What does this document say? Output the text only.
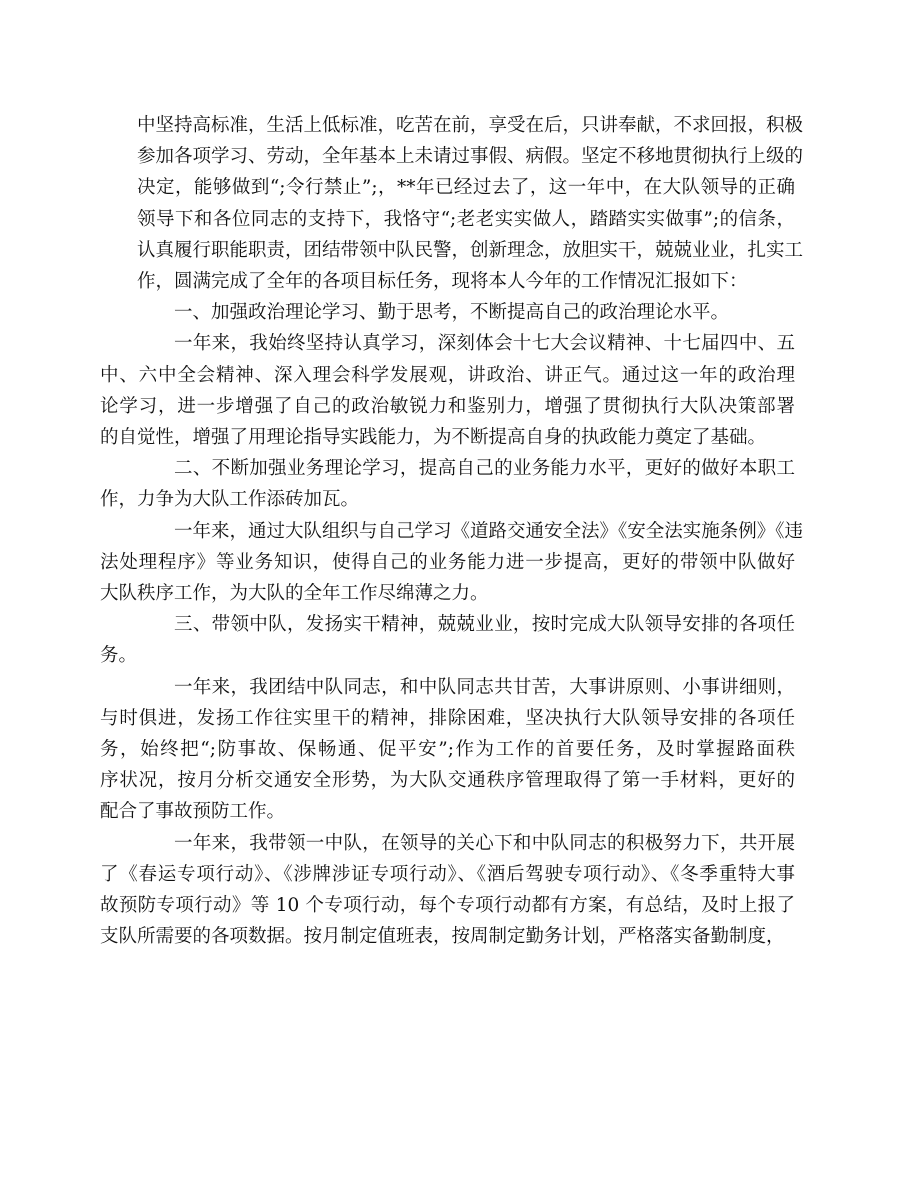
中坚持高标准，生活上低标准，吃苦在前，享受在后，只讲奉献，不求回报，积极
参加各项学习、劳动，全年基本上未请过事假、病假。坚定不移地贯彻执行上级的
决定，能够做到“;令行禁止”;，**年已经过去了，这一年中，在大队领导的正确
领导下和各位同志的支持下，我恪守“;老老实实做人，踏踏实实做事”;的信条，
认真履行职能职责，团结带领中队民警，创新理念，放胆实干，兢兢业业，扎实工
作，圆满完成了全年的各项目标任务，现将本人今年的工作情况汇报如下：
一、加强政治理论学习、勤于思考，不断提高自己的政治理论水平。
一年来，我始终坚持认真学习，深刻体会十七大会议精神、十七届四中、五
中、六中全会精神、深入理会科学发展观，讲政治、讲正气。通过这一年的政治理
论学习，进一步增强了自己的政治敏锐力和鉴别力，增强了贯彻执行大队决策部署
的自觉性，增强了用理论指导实践能力，为不断提高自身的执政能力奠定了基础。
二、不断加强业务理论学习，提高自己的业务能力水平，更好的做好本职工
作，力争为大队工作添砖加瓦。
一年来，通过大队组织与自己学习《道路交通安全法》《安全法实施条例》《违
法处理程序》等业务知识，使得自己的业务能力进一步提高，更好的带领中队做好
大队秩序工作，为大队的全年工作尽绵薄之力。
三、带领中队，发扬实干精神，兢兢业业，按时完成大队领导安排的各项任
务。
一年来，我团结中队同志，和中队同志共甘苦，大事讲原则、小事讲细则，
与时俱进，发扬工作往实里干的精神，排除困难，坚决执行大队领导安排的各项任
务，始终把“;防事故、保畅通、促平安”;作为工作的首要任务，及时掌握路面秩
序状况，按月分析交通安全形势，为大队交通秩序管理取得了第一手材料，更好的
配合了事故预防工作。
一年来，我带领一中队，在领导的关心下和中队同志的积极努力下，共开展
了《春运专项行动》、《涉牌涉证专项行动》、《酒后驾驶专项行动》、《冬季重特大事
故预防专项行动》等 10 个专项行动，每个专项行动都有方案，有总结，及时上报了
支队所需要的各项数据。按月制定值班表，按周制定勤务计划，严格落实备勤制度，
